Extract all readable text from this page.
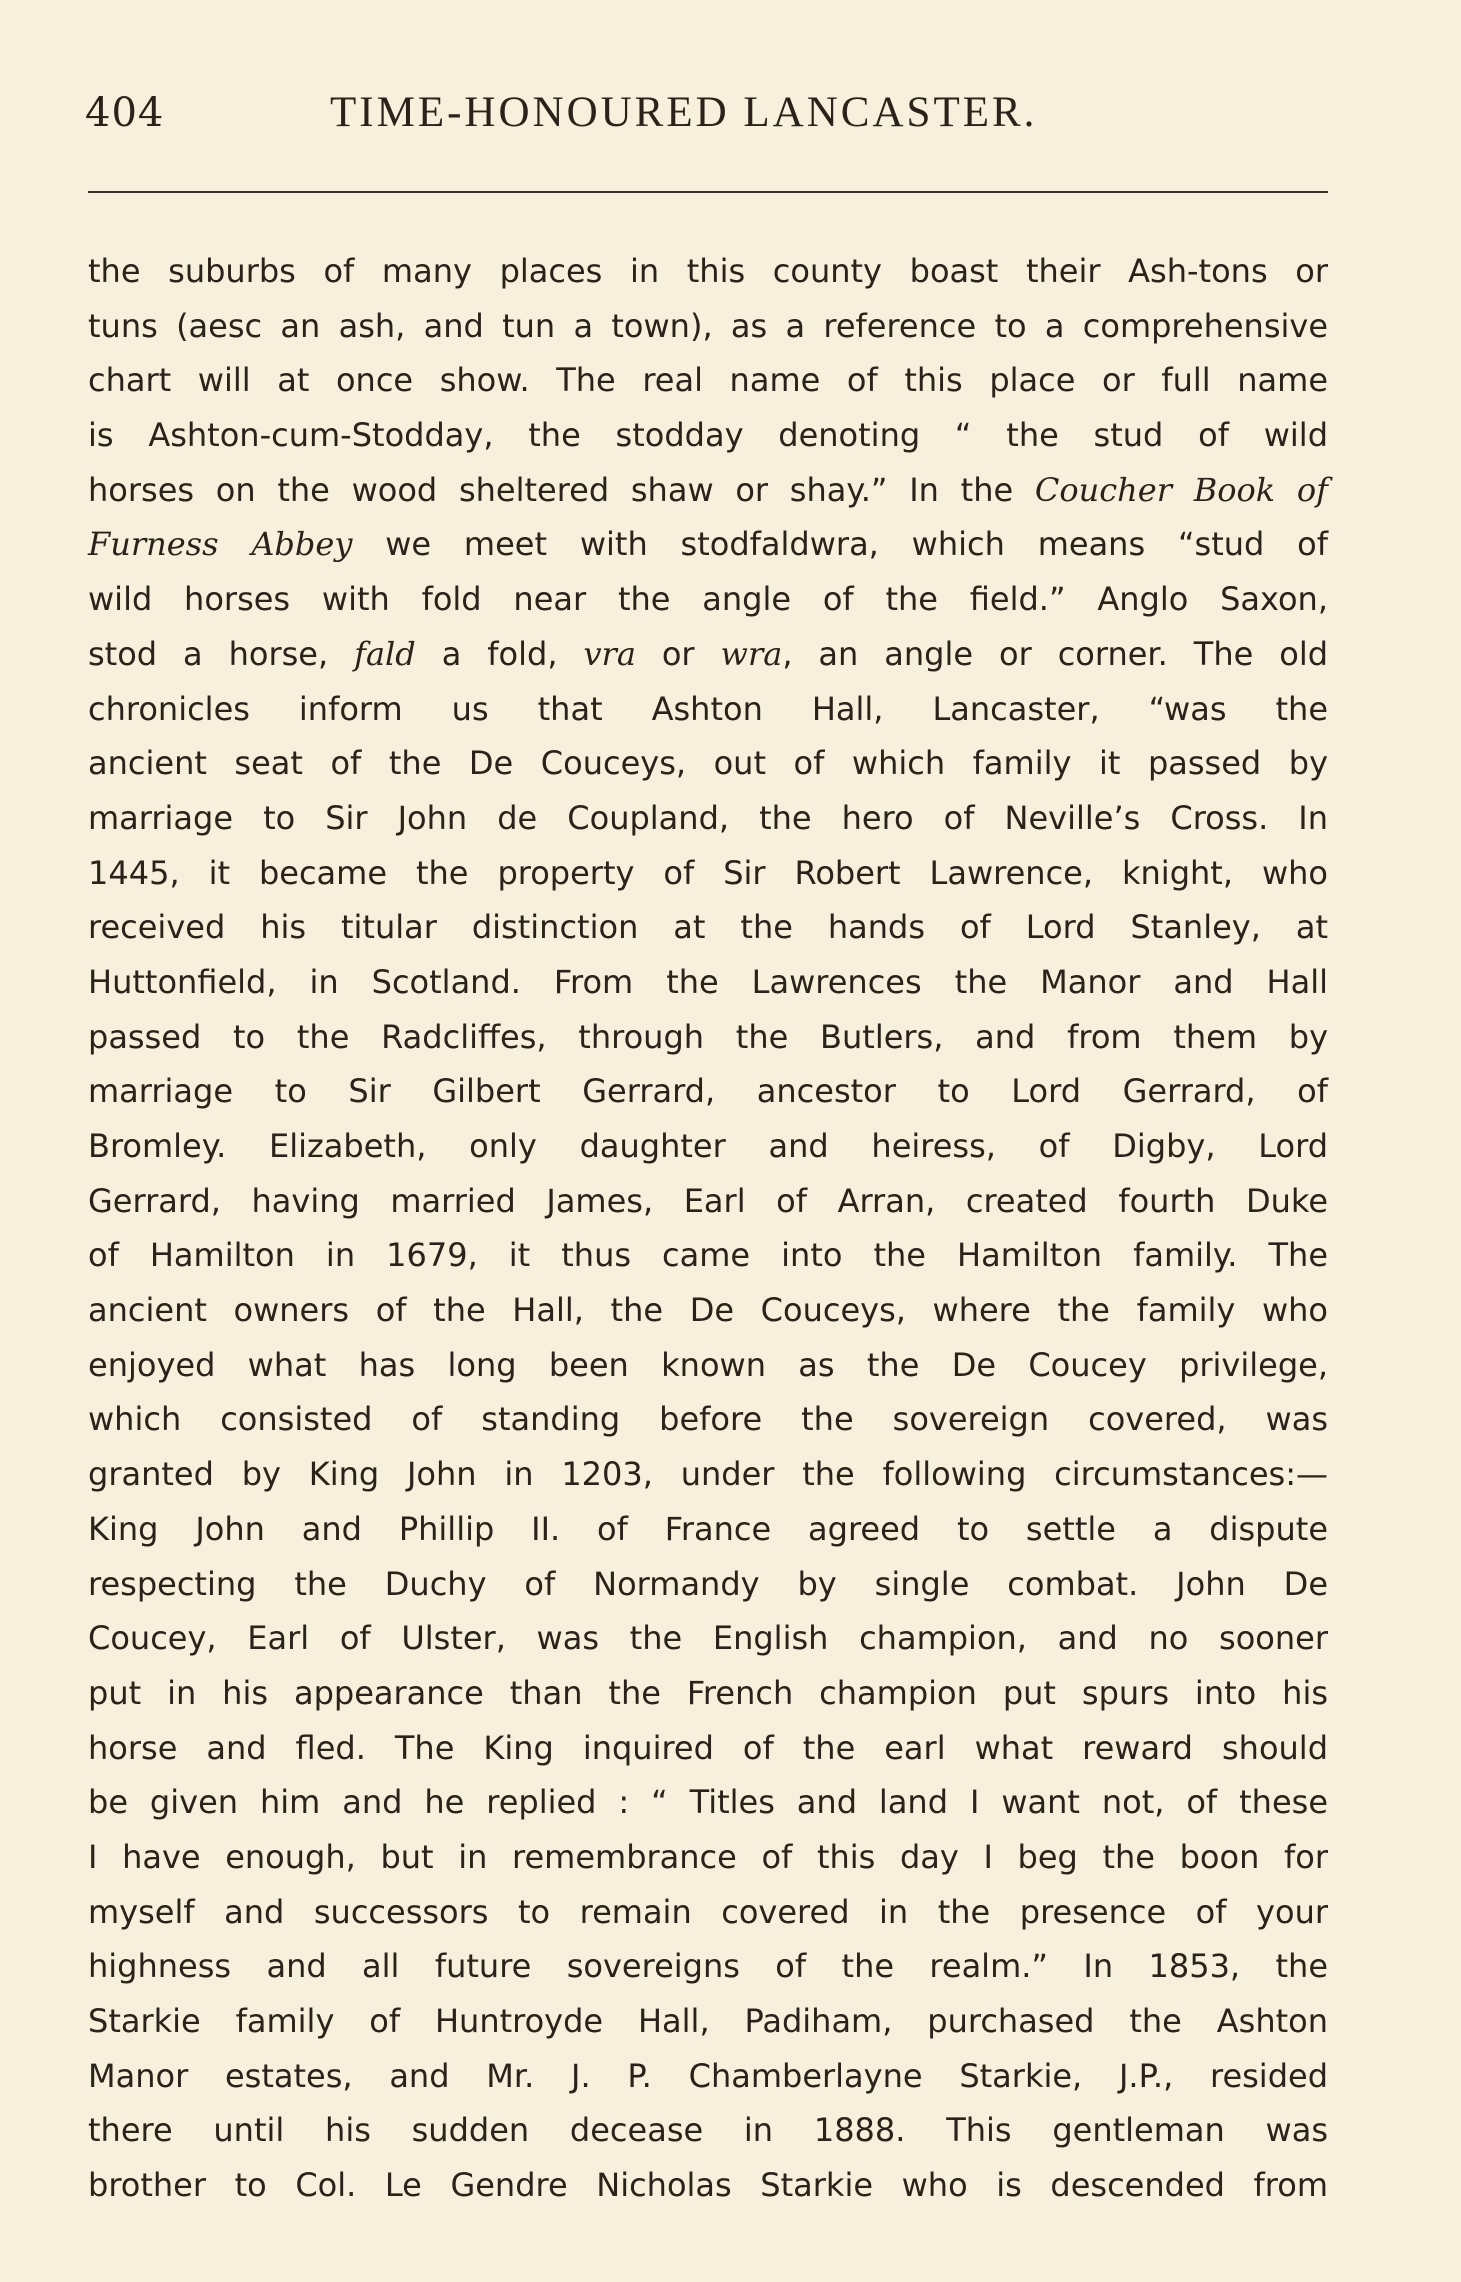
404	TIME-HONOURED LANCASTER.
the suburbs of many places in this county boast their Ash-tons or
tuns (aesc an ash, and tun a town), as a reference to a comprehensive
chart will at once show. The real name of this place or full name
is Ashton-cum-Stodday, the stodday denoting “ the stud of wild
horses on the wood sheltered shaw or shay.” In the Coucher Book of
Furness Abbey we meet with stodfaldwra, which means “stud of
wild horses with fold near the angle of the field.” Anglo Saxon,
stod a horse, fald a fold, vra or wra, an angle or corner. The old
chronicles inform us that Ashton Hall, Lancaster, “was the
ancient seat of the De Couceys, out of which family it passed by
marriage to Sir John de Coupland, the hero of Neville’s Cross. In
1445, it became the property of Sir Robert Lawrence, knight, who
received his titular distinction at the hands of Lord Stanley, at
Huttonfield, in Scotland. From the Lawrences the Manor and Hall
passed to the Radcliffes, through the Butlers, and from them by
marriage to Sir Gilbert Gerrard, ancestor to Lord Gerrard, of
Bromley. Elizabeth, only daughter and heiress, of Digby, Lord
Gerrard, having married James, Earl of Arran, created fourth Duke
of Hamilton in 1679, it thus came into the Hamilton family. The
ancient owners of the Hall, the De Couceys, where the family who
enjoyed what has long been known as the De Coucey privilege,
which consisted of standing before the sovereign covered, was
granted by King John in 1203, under the following circumstances:—
King John and Phillip II. of France agreed to settle a dispute
respecting the Duchy of Normandy by single combat. John De
Coucey, Earl of Ulster, was the English champion, and no sooner
put in his appearance than the French champion put spurs into his
horse and fled. The King inquired of the earl what reward should
be given him and he replied : “ Titles and land I want not, of these
I have enough, but in remembrance of this day I beg the boon for
myself and successors to remain covered in the presence of your
highness and all future sovereigns of the realm.” In 1853, the
Starkie family of Huntroyde Hall, Padiham, purchased the Ashton
Manor estates, and Mr. J. P. Chamberlayne Starkie, J.P., resided
there until his sudden decease in 1888. This gentleman was
brother to Col. Le Gendre Nicholas Starkie who is descended from
